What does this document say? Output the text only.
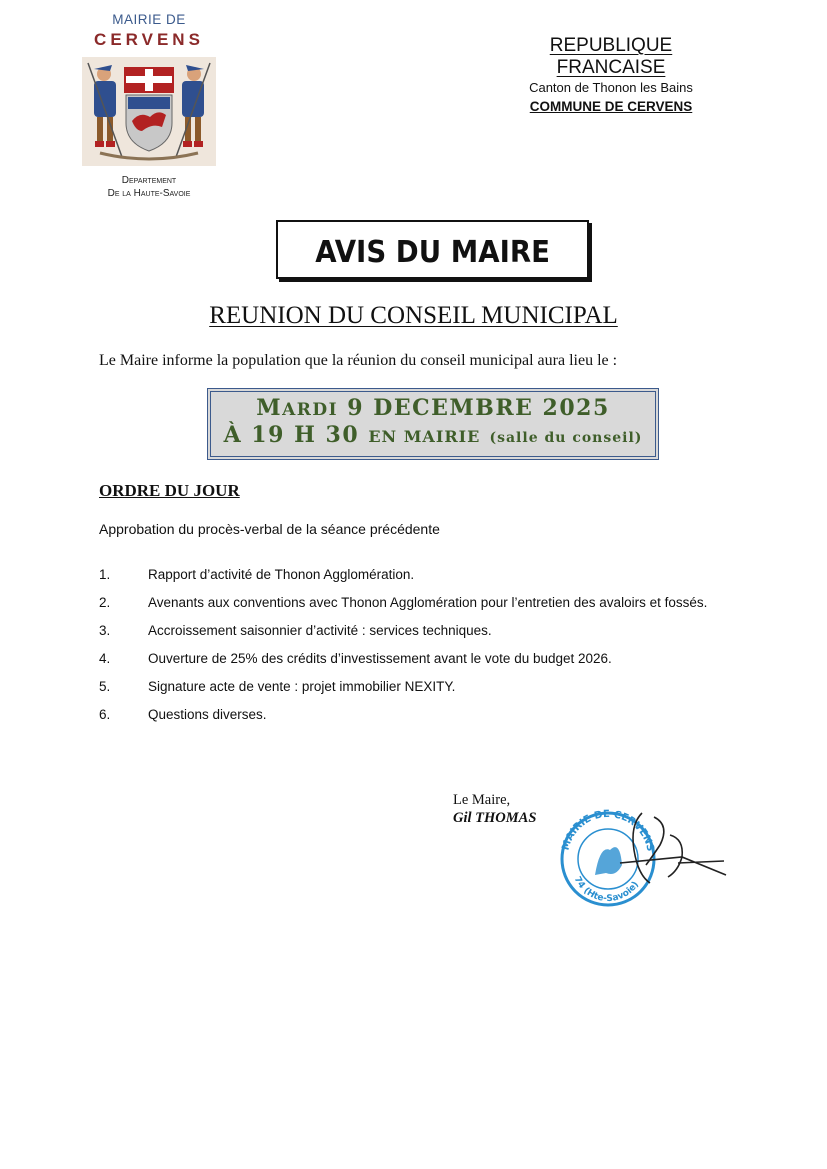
MAIRIE DE
CERVENS
Departement
De la Haute-Savoie
REPUBLIQUE FRANCAISE
Canton de Thonon les Bains
COMMUNE DE CERVENS
AVIS DU MAIRE
REUNION DU CONSEIL MUNICIPAL
Le Maire informe la population que la réunion du conseil municipal aura lieu le :
MARDI 9 DECEMBRE 2025
À 19 H 30 EN MAIRIE (salle du conseil)
ORDRE DU JOUR
Approbation du procès-verbal de la séance précédente
1.	Rapport d’activité de Thonon Agglomération.
2.	Avenants aux conventions avec Thonon Agglomération pour l’entretien des avaloirs et fossés.
3.	Accroissement saisonnier d’activité : services techniques.
4.	Ouverture de 25% des crédits d’investissement avant le vote du budget 2026.
5.	Signature acte de vente : projet immobilier NEXITY.
6.	Questions diverses.
Le Maire,
Gil THOMAS
MAIRIE DE CERVENS
74 (Hte-Savoie)
